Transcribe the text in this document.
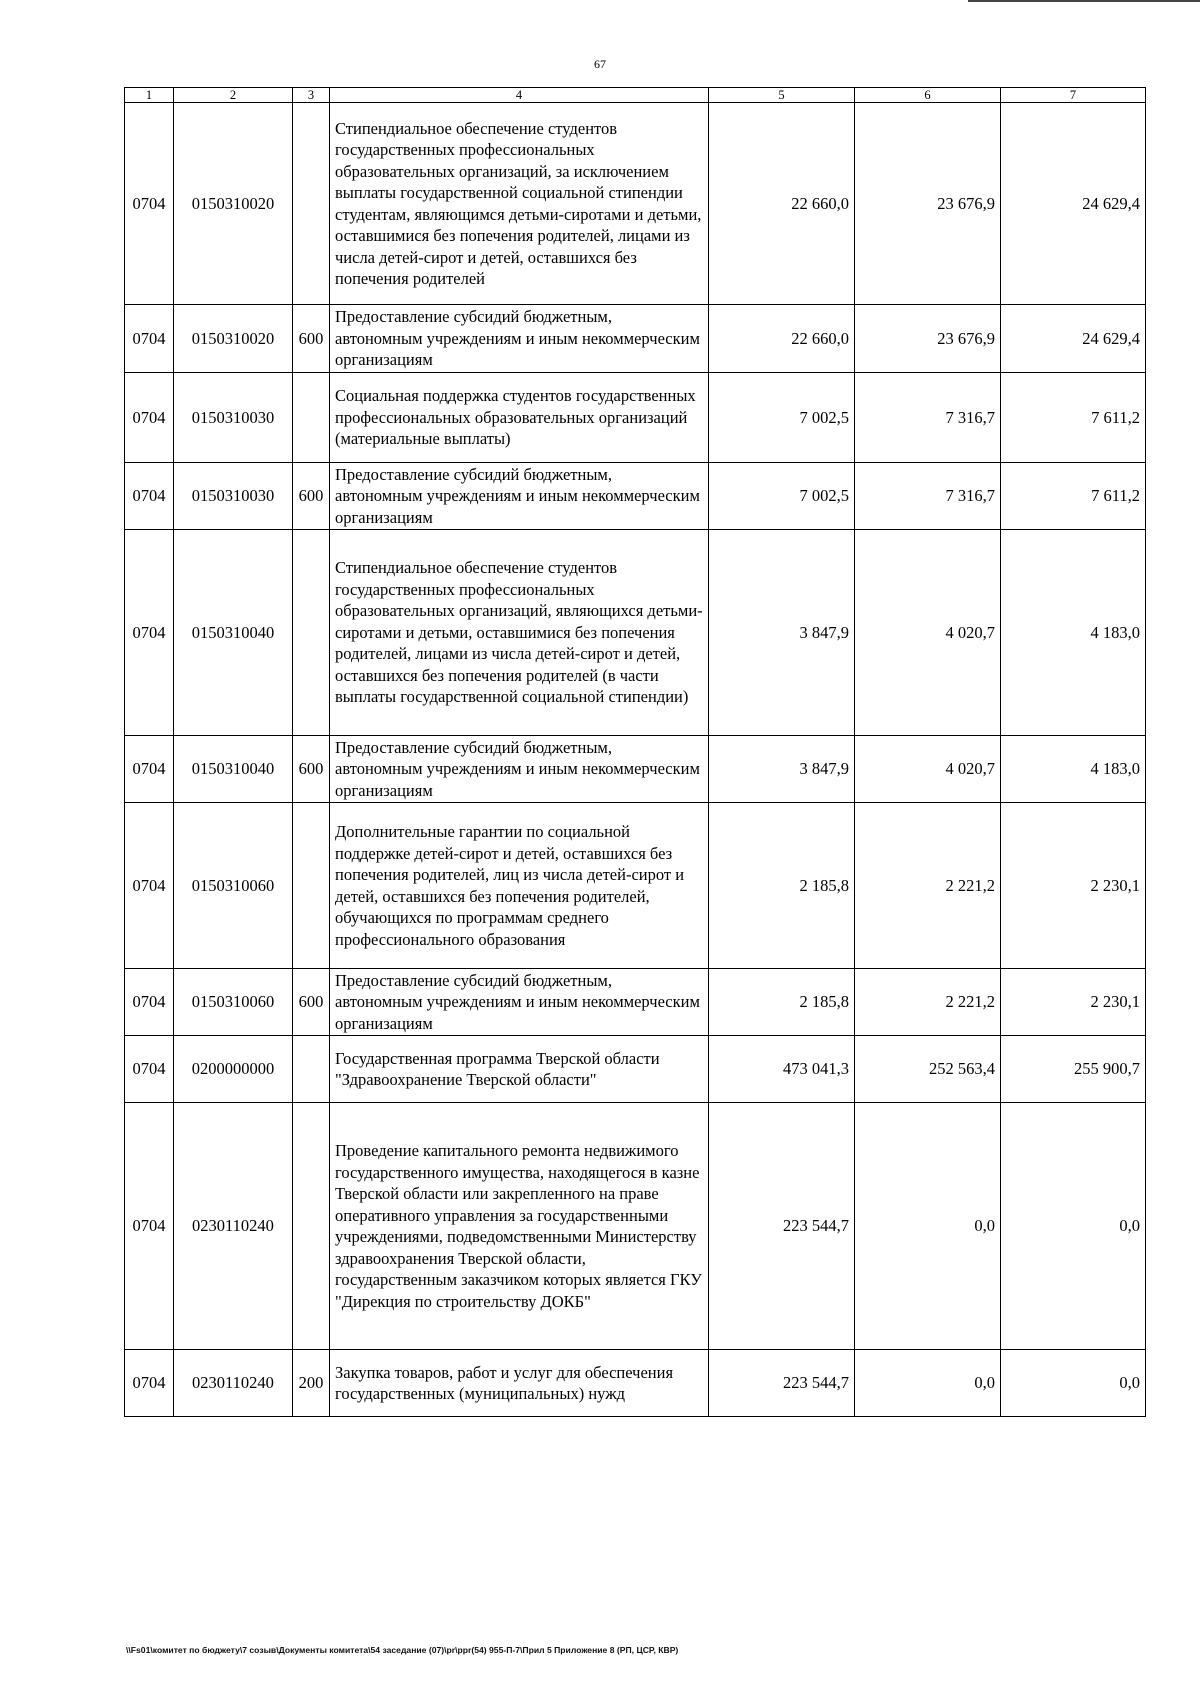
67
1	2	3	4	5	6	7
0704	0150310020		Стипендиальное обеспечение студентов государственных профессиональных образовательных организаций, за исключением выплаты государственной социальной стипендии студентам, являющимся детьми-сиротами и детьми, оставшимися без попечения родителей, лицами из числа детей-сирот и детей, оставшихся без попечения родителей	22 660,0	23 676,9	24 629,4
0704	0150310020	600	Предоставление субсидий бюджетным, автономным учреждениям и иным некоммерческим организациям	22 660,0	23 676,9	24 629,4
0704	0150310030		Социальная поддержка студентов государственных профессиональных образовательных организаций (материальные выплаты)	7 002,5	7 316,7	7 611,2
0704	0150310030	600	Предоставление субсидий бюджетным, автономным учреждениям и иным некоммерческим организациям	7 002,5	7 316,7	7 611,2
0704	0150310040		Стипендиальное обеспечение студентов государственных профессиональных образовательных организаций, являющихся детьми-сиротами и детьми, оставшимися без попечения родителей, лицами из числа детей-сирот и детей, оставшихся без попечения родителей (в части выплаты государственной социальной стипендии)	3 847,9	4 020,7	4 183,0
0704	0150310040	600	Предоставление субсидий бюджетным, автономным учреждениям и иным некоммерческим организациям	3 847,9	4 020,7	4 183,0
0704	0150310060		Дополнительные гарантии по социальной поддержке детей-сирот и детей, оставшихся без попечения родителей, лиц из числа детей-сирот и детей, оставшихся без попечения родителей, обучающихся по программам среднего профессионального образования	2 185,8	2 221,2	2 230,1
0704	0150310060	600	Предоставление субсидий бюджетным, автономным учреждениям и иным некоммерческим организациям	2 185,8	2 221,2	2 230,1
0704	0200000000		Государственная программа Тверской области "Здравоохранение Тверской области"	473 041,3	252 563,4	255 900,7
0704	0230110240		Проведение капитального ремонта недвижимого государственного имущества, находящегося в казне Тверской области или закрепленного на праве оперативного управления за государственными учреждениями, подведомственными Министерству здравоохранения Тверской области, государственным заказчиком которых является ГКУ "Дирекция по строительству ДОКБ"	223 544,7	0,0	0,0
0704	0230110240	200	Закупка товаров, работ и услуг для обеспечения государственных (муниципальных) нужд	223 544,7	0,0	0,0
\\Fs01\комитет по бюджету\7 созыв\Документы комитета\54 заседание (07)\pr\ppr(54) 955-П-7\Прил 5 Приложение 8 (РП, ЦСР, КВР)
